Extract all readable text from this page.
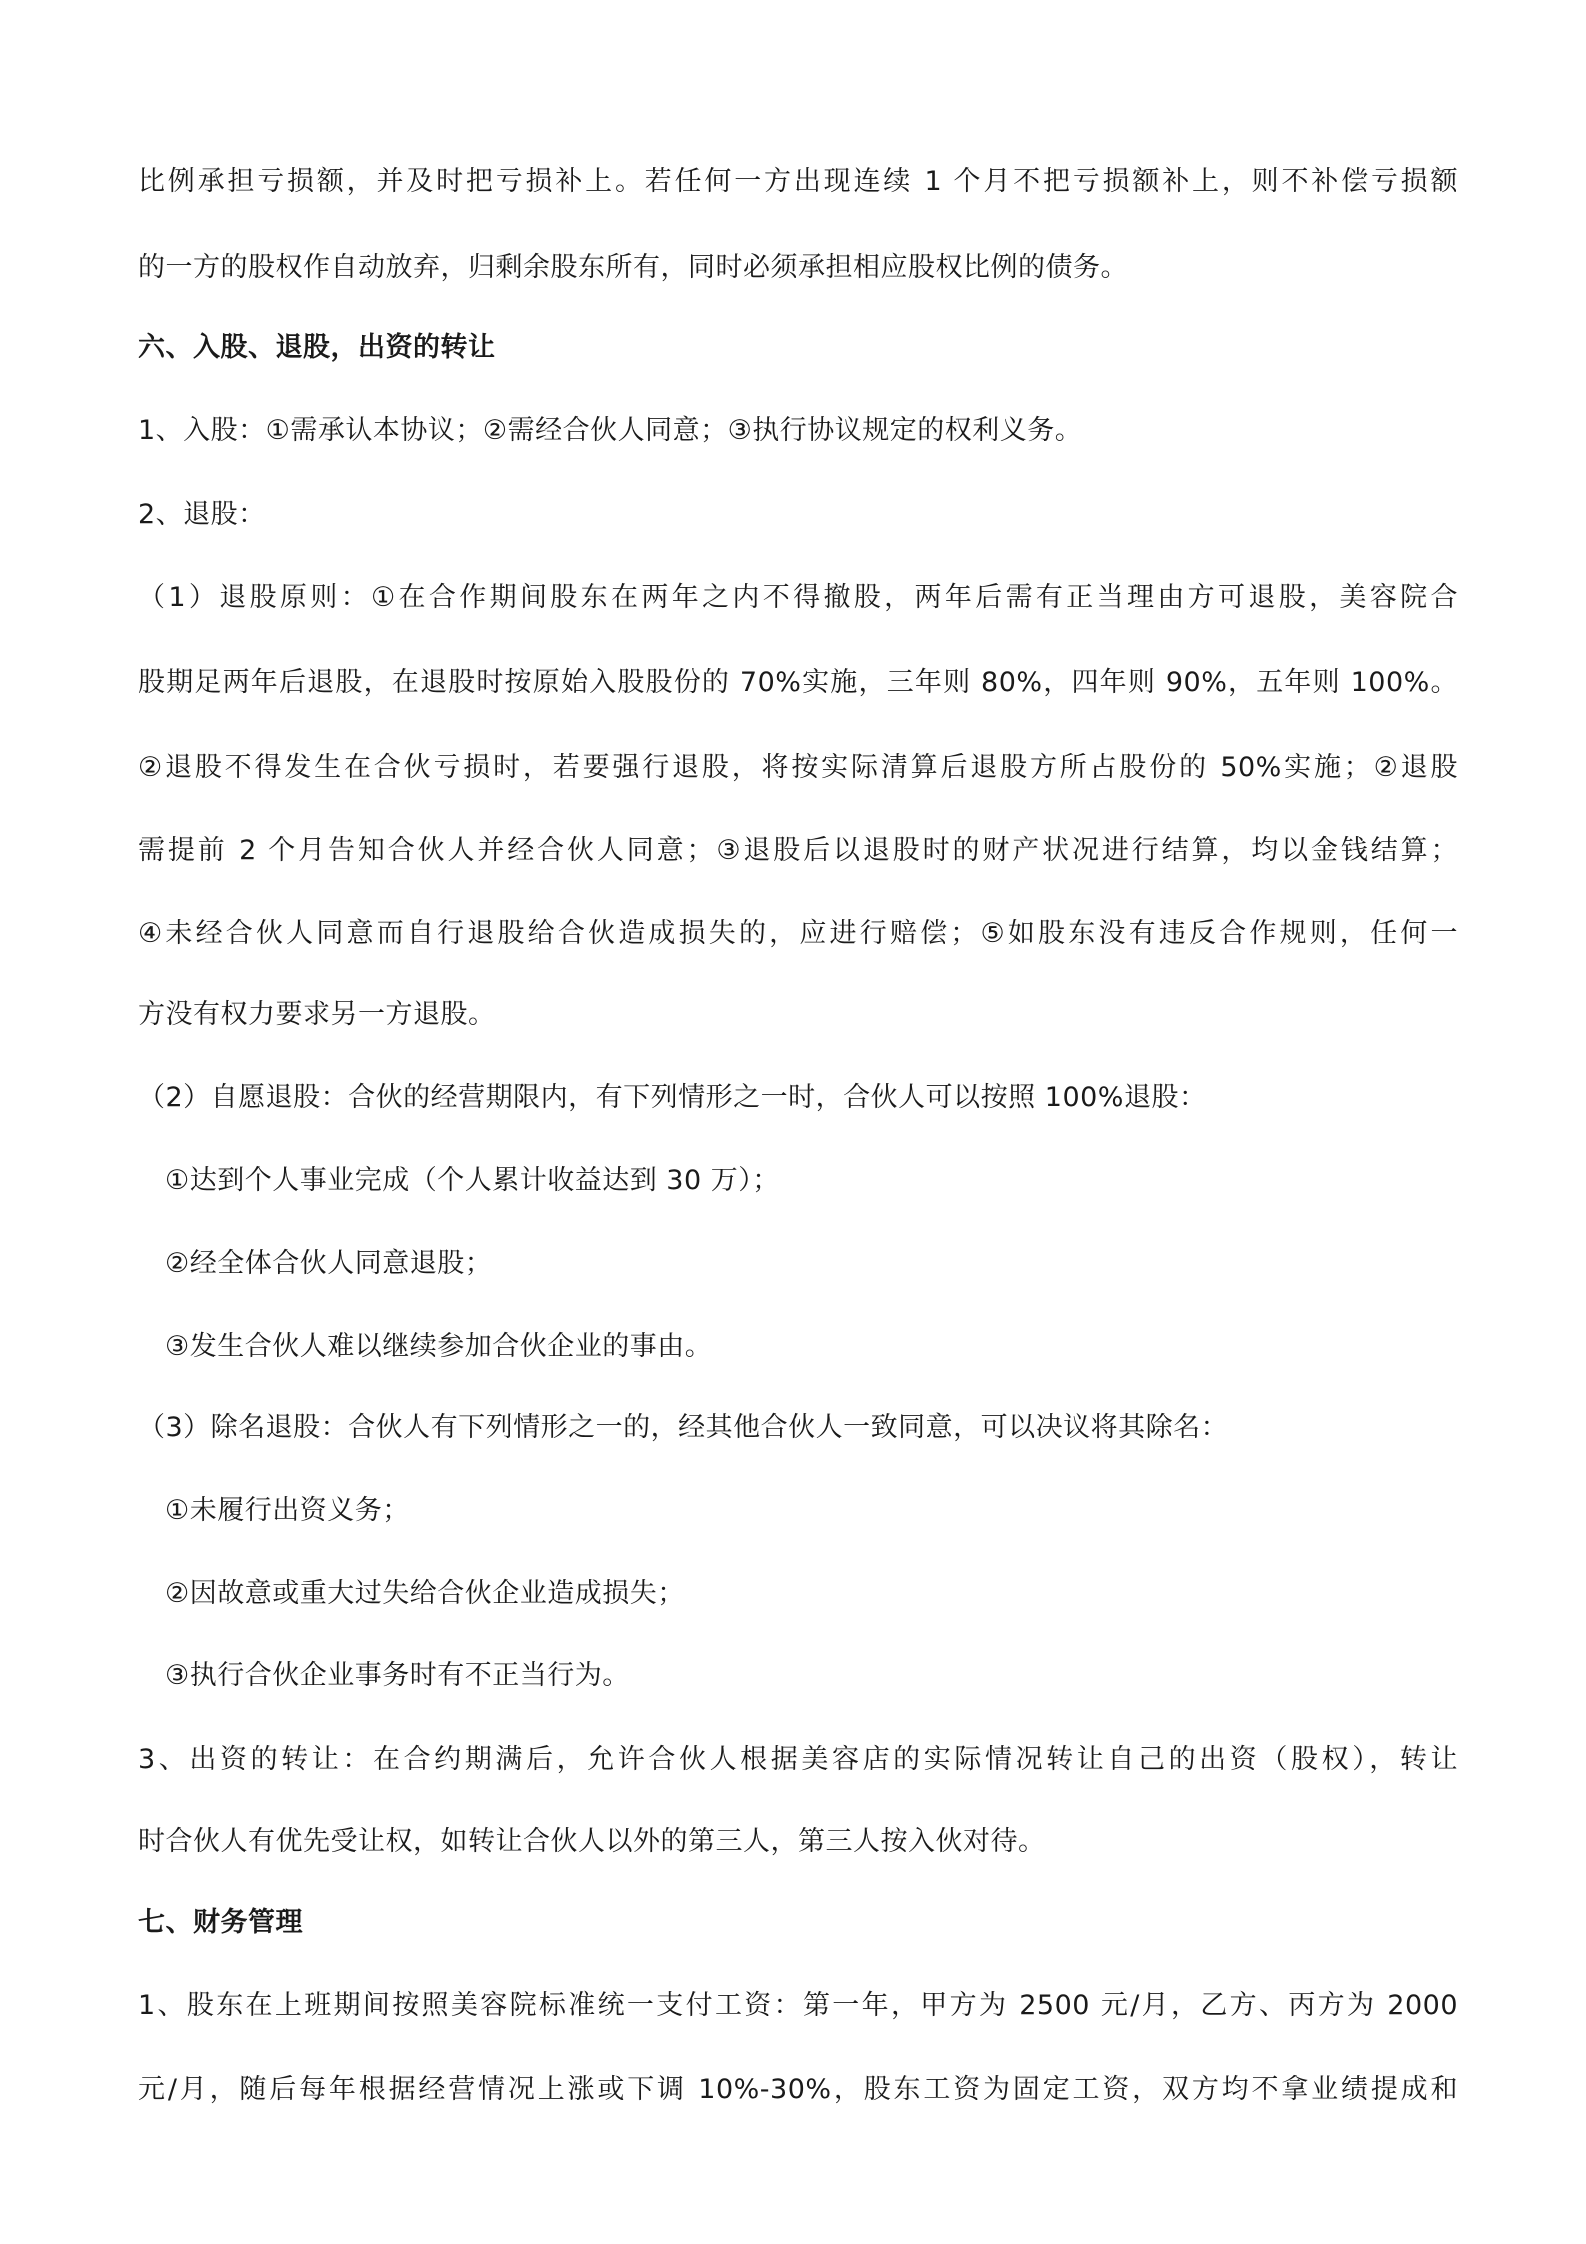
比例承担亏损额，并及时把亏损补上。若任何一方出现连续 1 个月不把亏损额补上，则不补偿亏损额
的一方的股权作自动放弃，归剩余股东所有，同时必须承担相应股权比例的债务。
六、入股、退股，出资的转让
1、入股：①需承认本协议；②需经合伙人同意；③执行协议规定的权利义务。
2、退股：
（1）退股原则：①在合作期间股东在两年之内不得撤股，两年后需有正当理由方可退股，美容院合
股期足两年后退股，在退股时按原始入股股份的 70%实施，三年则 80%，四年则 90%，五年则 100%。
②退股不得发生在合伙亏损时，若要强行退股，将按实际清算后退股方所占股份的 50%实施；②退股
需提前 2 个月告知合伙人并经合伙人同意；③退股后以退股时的财产状况进行结算，均以金钱结算；
④未经合伙人同意而自行退股给合伙造成损失的，应进行赔偿；⑤如股东没有违反合作规则，任何一
方没有权力要求另一方退股。
（2）自愿退股：合伙的经营期限内，有下列情形之一时，合伙人可以按照 100%退股：
①达到个人事业完成（个人累计收益达到 30 万）；
②经全体合伙人同意退股；
③发生合伙人难以继续参加合伙企业的事由。
（3）除名退股：合伙人有下列情形之一的，经其他合伙人一致同意，可以决议将其除名：
①未履行出资义务；
②因故意或重大过失给合伙企业造成损失；
③执行合伙企业事务时有不正当行为。
3、出资的转让：在合约期满后，允许合伙人根据美容店的实际情况转让自己的出资（股权），转让
时合伙人有优先受让权，如转让合伙人以外的第三人，第三人按入伙对待。
七、财务管理
1、股东在上班期间按照美容院标准统一支付工资：第一年，甲方为 2500 元/月，乙方、丙方为 2000
元/月，随后每年根据经营情况上涨或下调 10%-30%，股东工资为固定工资，双方均不拿业绩提成和
